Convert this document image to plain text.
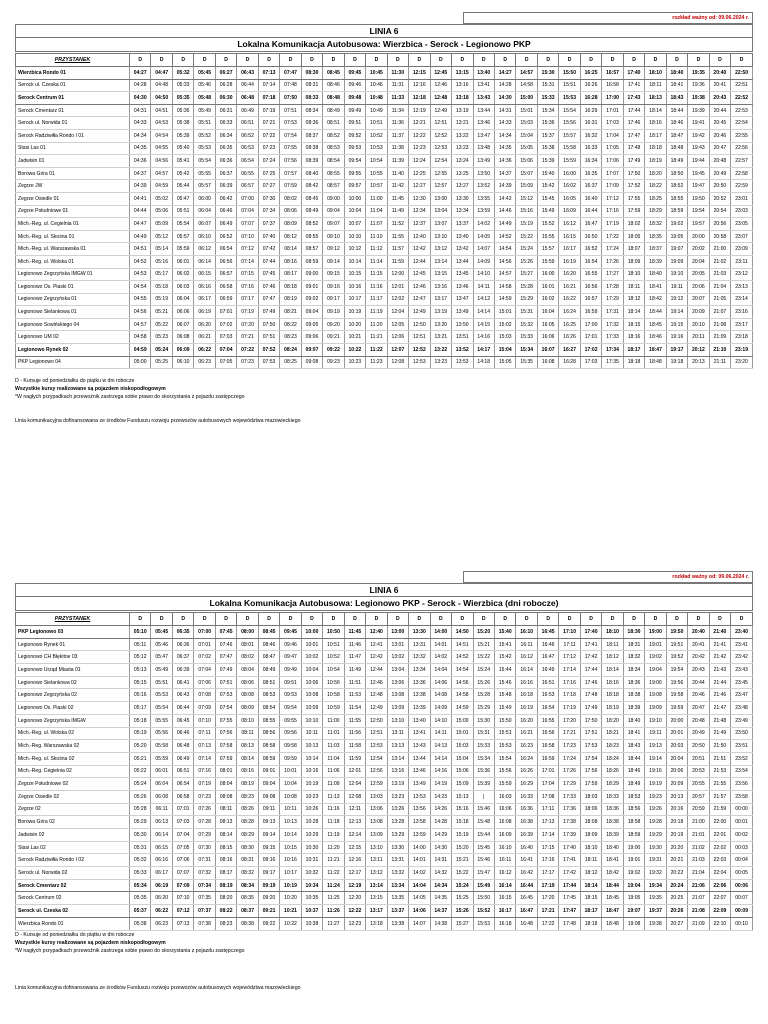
rozkład ważny od: 09.06.2024 r.
LINIA 6
Lokalna Komunikacja Autobusowa: Wierzbica - Serock - Legionowo PKP
PRZYSTANEK	D	D	D	D	D	D	D	D	D	D	D	D	D	D	D	D	D	D	D	D	D	D	D	D	D	D	D	D	D
Wierzbica Rondo 01	04:27	04:47	05:32	05:45	06:27	06:43	07:13	07:47	08:30	08:45	09:45	10:45	11:30	12:15	12:45	13:15	13:40	14:27	14:57	15:30	15:50	16:25	16:57	17:40	18:10	18:40	19:35	20:40	22:50
Serock ul. Czeska 01	04:28	04:48	05:33	05:46	06:28	06:44	07:14	07:48	08:31	08:46	09:46	10:46	11:31	12:16	12:46	13:16	13:41	14:28	14:58	15:31	15:51	16:26	16:58	17:41	18:11	18:41	19:36	20:41	22:51
Serock Centrum 01	04:30	04:50	05:35	05:48	06:30	06:48	07:18	07:50	08:33	08:48	09:48	10:48	11:33	12:18	12:48	13:18	13:43	14:30	15:00	15:33	15:53	16:28	17:00	17:43	18:13	18:43	19:38	20:43	22:52
Serock Cmentarz 01	04:31	04:51	05:36	05:49	06:31	06:49	07:19	07:51	08:34	08:49	09:49	10:49	11:34	12:19	12:49	13:19	13:44	14:31	15:01	15:34	15:54	16:29	17:01	17:44	18:14	18:44	19:39	20:44	22:53
Serock ul. Norwida 01	04:33	04:53	05:38	05:51	06:33	06:51	07:21	07:53	08:36	08:51	09:51	10:51	11:36	12:21	12:51	13:21	13:46	14:33	15:03	15:36	15:56	16:31	17:03	17:46	18:16	18:46	19:41	20:45	22:54
Serock Radziwiłła Rondo I 01	04:34	04:54	05:39	05:52	06:34	06:52	07:22	07:54	08:37	08:52	09:52	10:52	11:37	12:22	12:52	13:22	13:47	14:34	15:04	15:37	15:57	16:32	17:04	17:47	18:17	18:47	19:42	20:46	22:55
Stasi Las 01	04:35	04:55	05:40	05:53	06:35	06:53	07:23	07:55	08:38	08:53	09:53	10:53	11:38	12:23	12:53	13:23	13:48	14:35	15:05	15:38	15:58	16:33	17:05	17:48	18:18	18:48	19:43	20:47	22:56
Jadwisin 01	04:36	04:56	05:41	05:54	06:36	06:54	07:24	07:56	08:39	08:54	09:54	10:54	11:39	12:24	12:54	13:24	13:49	14:36	15:06	15:39	15:59	16:34	17:06	17:49	18:19	18:49	19:44	20:48	22:57
Borowa Góra 01	04:37	04:57	05:42	05:55	06:37	06:55	07:25	07:57	08:40	08:55	09:55	10:55	11:40	12:25	12:55	13:25	13:50	14:37	15:07	15:40	16:00	16:35	17:07	17:50	18:20	18:50	19:45	20:49	22:58
Zegrze JW	04:39	04:59	05:44	05:57	06:39	06:57	07:27	07:59	08:42	08:57	09:57	10:57	11:42	12:27	12:57	13:27	13:52	14:39	15:09	15:42	16:02	16:37	17:09	17:52	18:22	18:52	19:47	20:50	22:59
Zegrze Osiedle 01	04:41	05:02	05:47	06:00	06:42	07:00	07:30	08:02	08:45	09:00	10:00	11:00	11:45	12:30	13:00	13:30	13:55	14:42	15:12	15:45	16:05	16:40	17:12	17:55	18:25	18:55	19:50	20:52	23:01
Zegrze Południowe 01	04:44	05:06	05:51	06:04	06:46	07:04	07:34	08:06	08:49	09:04	10:04	11:04	11:49	12:34	13:04	13:34	13:59	14:46	15:16	15:49	16:09	16:44	17:16	17:59	18:29	18:59	19:54	20:54	23:03
Mich.-Reg. ul. Cegielnia 01	04:47	05:09	05:54	06:07	06:49	07:07	07:37	08:09	08:52	09:07	10:07	11:07	11:52	12:37	13:07	13:37	14:02	14:49	15:19	15:52	16:12	16:47	17:19	18:02	18:32	19:02	19:57	20:56	23:05
Mich.-Reg. ul. Skośna 01	04:49	05:12	05:57	06:10	06:52	07:10	07:40	08:12	08:55	09:10	10:10	11:10	11:55	12:40	13:10	13:40	14:05	14:52	15:22	15:55	16:15	16:50	17:22	18:05	18:35	19:05	20:00	20:58	23:07
Mich.-Reg. ul. Warszawska 01	04:51	05:14	05:59	06:12	06:54	07:12	07:42	08:14	08:57	09:12	10:12	11:12	11:57	12:42	13:12	13:42	14:07	14:54	15:24	15:57	16:17	16:52	17:24	18:07	18:37	19:07	20:02	21:00	23:09
Mich.-Reg. ul. Wolska 01	04:52	05:16	06:01	06:14	06:56	07:14	07:44	08:16	08:59	09:14	10:14	11:14	11:59	12:44	13:14	13:44	14:09	14:56	15:26	15:59	16:19	16:54	17:26	18:09	18:39	19:09	20:04	21:02	23:11
Legionowo Zegrzyńska IMGW 01	04:53	05:17	06:02	06:15	06:57	07:15	07:45	08:17	09:00	09:15	10:15	11:15	12:00	12:45	13:15	13:45	14:10	14:57	15:27	16:00	16:20	16:55	17:27	18:10	18:40	19:10	20:05	21:03	23:12
Legionowo Os. Piaski 01	04:54	05:18	06:03	06:16	06:58	07:16	07:46	08:18	09:01	09:16	10:16	11:16	12:01	12:46	13:16	13:46	14:11	14:58	15:28	16:01	16:21	16:56	17:28	18:11	18:41	19:11	20:06	21:04	23:13
Legionowo Zegrzyńska 01	04:55	05:19	06:04	06:17	06:59	07:17	07:47	08:19	09:02	09:17	10:17	11:17	12:02	12:47	13:17	13:47	14:12	14:59	15:29	16:02	16:22	16:57	17:29	18:12	18:42	19:12	20:07	21:05	23:14
Legionowo Sielankowa 01	04:56	05:21	06:06	06:19	07:01	07:19	07:49	08:21	09:04	09:19	10:19	11:19	12:04	12:49	13:19	13:49	14:14	15:01	15:31	16:04	16:24	16:59	17:31	18:14	18:44	19:14	20:09	21:07	23:16
Legionowo Sowińskiego 04	04:57	05:22	06:07	06:20	07:02	07:20	07:50	08:22	09:05	09:20	10:20	11:20	12:05	12:50	13:20	13:50	14:15	15:02	15:32	16:05	16:25	17:00	17:32	18:15	18:45	19:15	20:10	21:08	23:17
Legionowo UM 02	04:58	05:23	06:08	06:21	07:03	07:21	07:51	08:23	09:06	09:21	10:21	11:21	12:06	12:51	13:21	13:51	14:16	15:03	15:33	16:06	16:26	17:01	17:33	18:16	18:46	19:16	20:11	21:09	23:18
Legionowo Rynek 02	04:59	05:24	06:09	06:22	07:04	07:22	07:52	08:24	09:07	09:22	10:22	11:22	12:07	12:52	13:22	13:52	14:17	15:04	15:34	16:07	16:27	17:02	17:34	18:17	18:47	19:17	20:12	21:10	23:19
PKP Legionowo 04	05:00	05:25	06:10	06:23	07:05	07:23	07:53	08:25	09:08	09:23	10:23	11:23	12:08	12:53	13:23	13:53	14:18	15:05	15:35	16:08	16:28	17:03	17:35	18:18	18:48	19:18	20:13	21:11	23:20
D - Kursuje od poniedziałku do piątku w dni robocze
Wszystkie kursy realizowane są pojazdem niskopodłogowym
*W nagłych przypadkach przewoźnik zastrzega sobie prawo do skorzystania z pojazdu zastępczego
Linia komunikacyjna dofinansowana ze środków Funduszu rozwoju przewozów autobusowych województwa mazowieckiego
rozkład ważny od: 09.06.2024 r.
LINIA 6
Lokalna Komunikacja Autobusowa: Legionowo PKP - Serock - Wierzbica (dni robocze)
PRZYSTANEK	D	D	D	D	D	D	D	D	D	D	D	D	D	D	D	D	D	D	D	D	D	D	D	D	D	D	D	D	D
PKP Legionowo 03	05:10	05:45	06:35	07:00	07:45	08:00	08:45	09:45	10:00	10:50	11:45	12:40	13:00	13:30	14:00	14:50	15:20	15:40	16:10	16:45	17:10	17:40	18:10	18:30	19:00	19:50	20:40	21:40	23:40
Legionowo Rynek 01	05:11	05:46	06:36	07:01	07:46	08:01	08:46	09:46	10:01	10:51	11:46	12:41	13:01	13:31	14:01	14:51	15:21	15:41	16:11	16:46	17:11	17:41	18:11	18:31	19:01	19:51	20:41	21:41	23:41
Legionowo CH Błękitne 03	05:12	05:47	06:37	07:02	07:47	08:02	08:47	09:47	10:02	10:52	11:47	12:42	13:02	13:32	14:02	14:52	15:22	15:42	16:12	16:47	17:12	17:42	18:12	18:32	19:02	19:52	20:42	21:42	23:42
Legionowo Urząd Miasta 01	05:13	05:49	06:39	07:04	07:49	08:04	08:49	09:49	10:04	10:54	11:49	12:44	13:04	13:34	14:04	14:54	15:24	15:44	16:14	16:49	17:14	17:44	18:14	18:34	19:04	19:54	20:43	21:43	23:43
Legionowo Sielankowa 02	05:15	05:51	06:41	07:06	07:51	08:06	08:51	09:51	10:06	10:56	11:51	12:46	13:06	13:36	14:06	14:56	15:26	15:46	16:16	16:51	17:16	17:46	18:16	18:36	19:06	19:56	20:44	21:44	23:45
Legionowo Zegrzyńska 02	05:16	05:53	06:43	07:08	07:53	08:08	08:53	09:53	10:08	10:58	11:53	12:48	13:08	13:38	14:08	14:58	15:28	15:48	16:18	16:53	17:18	17:48	18:18	18:38	19:08	19:58	20:46	21:46	23:47
Legionowo Os. Piaski 02	05:17	05:54	06:44	07:09	07:54	08:09	08:54	09:54	10:09	10:59	11:54	12:49	13:09	13:39	14:09	14:59	15:29	15:49	16:19	16:54	17:19	17:49	18:19	18:39	19:09	19:59	20:47	21:47	23:48
Legionowo Zegrzyńska IMGW	05:18	05:55	06:45	07:10	07:55	08:10	08:55	09:55	10:10	11:00	11:55	12:50	13:10	13:40	14:10	15:00	15:30	15:50	16:20	16:55	17:20	17:50	18:20	18:40	19:10	20:00	20:48	21:48	23:49
Mich.-Reg. ul. Wolska 02	05:19	05:56	06:46	07:11	07:56	08:11	08:56	09:56	10:11	11:01	11:56	12:51	13:11	13:41	14:11	15:01	15:31	15:51	16:21	16:56	17:21	17:51	18:21	18:41	19:11	20:01	20:49	21:49	23:50
Mich.-Reg. Warszawska 02	05:20	05:58	06:48	07:13	07:58	08:13	08:58	09:58	10:13	11:03	11:58	12:53	13:13	13:43	14:13	15:03	15:33	15:53	16:23	16:58	17:23	17:53	18:23	18:43	19:13	20:03	20:50	21:50	23:51
Mich.-Reg. ul. Skośna 02	05:21	05:59	06:49	07:14	07:59	08:14	08:59	09:59	10:14	11:04	11:59	12:54	13:14	13:44	14:14	15:04	15:34	15:54	16:24	16:59	17:24	17:54	18:24	18:44	19:14	20:04	20:51	21:51	23:52
Mich.-Reg. Cegielnia 02	05:22	06:01	06:51	07:16	08:01	08:16	09:01	10:01	10:16	11:06	12:01	12:56	13:16	13:46	14:16	15:06	15:36	15:56	16:26	17:01	17:26	17:56	18:26	18:46	19:16	20:06	20:53	21:53	23:54
Zegrze Południowe 02	05:24	06:04	06:54	07:19	08:04	08:19	09:04	10:04	10:19	11:09	12:04	12:59	13:19	13:49	14:19	15:09	15:39	15:59	16:29	17:04	17:29	17:59	18:29	18:49	19:19	20:09	20:55	21:55	23:56
Zegrze Osiedle 02	05:26	06:08	06:58	07:23	08:08	08:23	09:08	10:08	10:23	11:13	12:08	13:03	13:23	13:53	14:23	15:13	|	16:03	16:33	17:08	17:33	18:03	18:33	18:53	19:23	20:13	20:57	21:57	23:58
Zegrze 02	05:28	06:11	07:01	07:26	08:11	08:26	09:11	10:11	10:26	11:16	12:11	13:06	13:26	13:56	14:26	15:16	15:46	16:06	16:36	17:11	17:36	18:06	18:36	18:56	19:26	20:16	20:59	21:59	00:00
Borowa Góra 02	05:29	06:13	07:03	07:28	08:13	08:28	09:13	10:13	10:28	11:18	12:13	13:08	13:28	13:58	14:28	15:18	15:48	16:08	16:38	17:13	17:38	18:08	18:38	18:58	19:28	20:18	21:00	22:00	00:01
Jadwisin 02	05:30	06:14	07:04	07:29	08:14	08:29	09:14	10:14	10:29	11:19	12:14	13:09	13:29	13:59	14:29	15:19	15:44	16:09	16:39	17:14	17:39	18:09	18:39	18:59	19:29	20:19	21:01	22:01	00:02
Stasi Las 02	05:31	06:15	07:05	07:30	08:15	08:30	09:15	10:15	10:30	11:20	12:15	13:10	13:30	14:00	14:30	15:20	15:45	16:10	16:40	17:15	17:40	18:10	18:40	19:00	19:30	20:20	21:02	22:02	00:03
Serock Radziwiłła Rondo I 02	05:32	06:16	07:06	07:31	08:16	08:31	09:16	10:16	10:31	11:21	12:16	13:11	13:31	14:01	14:31	15:21	15:46	16:11	16:41	17:16	17:41	18:11	18:41	19:01	19:31	20:21	21:03	22:03	00:04
Serock ul. Norwida 02	05:33	06:17	07:07	07:32	08:17	08:32	09:17	10:17	10:32	11:22	12:17	13:12	13:32	14:02	14:32	15:22	15:47	16:12	16:42	17:17	17:42	18:12	18:42	19:02	19:32	20:22	21:04	22:04	00:05
Serock Cmentarz 02	05:34	06:19	07:09	07:34	08:19	08:34	09:19	10:19	10:34	11:24	12:19	13:14	13:34	14:04	14:34	15:24	15:49	16:14	16:44	17:19	17:44	18:14	18:44	19:04	19:34	20:24	21:06	22:06	00:06
Serock Centrum 02	05:35	06:20	07:10	07:35	08:20	08:35	09:20	10:20	10:35	11:25	12:20	13:15	13:35	14:05	14:35	15:25	15:50	16:15	16:45	17:20	17:45	18:15	18:45	19:05	19:35	20:25	21:07	22:07	00:07
Serock ul. Czeska 02	05:37	06:22	07:12	07:37	08:22	08:37	09:21	10:21	10:37	11:26	12:22	13:17	13:37	14:06	14:37	15:26	15:52	16:17	16:47	17:21	17:47	18:17	18:47	19:07	19:37	20:26	21:08	22:09	00:09
Wierzbica Rondo 01	05:38	06:23	07:13	07:38	08:23	08:38	09:22	10:22	10:38	11:27	12:23	13:18	13:38	14:07	14:38	15:27	15:53	16:18	16:48	17:22	17:48	18:18	18:48	19:08	19:38	20:27	21:09	22:10	00:10
D - Kursuje od poniedziałku do piątku w dni robocze
Wszystkie kursy realizowane są pojazdem niskopodłogowym
*W nagłych przypadkach przewoźnik zastrzega sobie prawo do skorzystania z pojazdu zastępczego
Linia komunikacyjna dofinansowana ze środków Funduszu rozwoju przewozów autobusowych województwa mazowieckiego
